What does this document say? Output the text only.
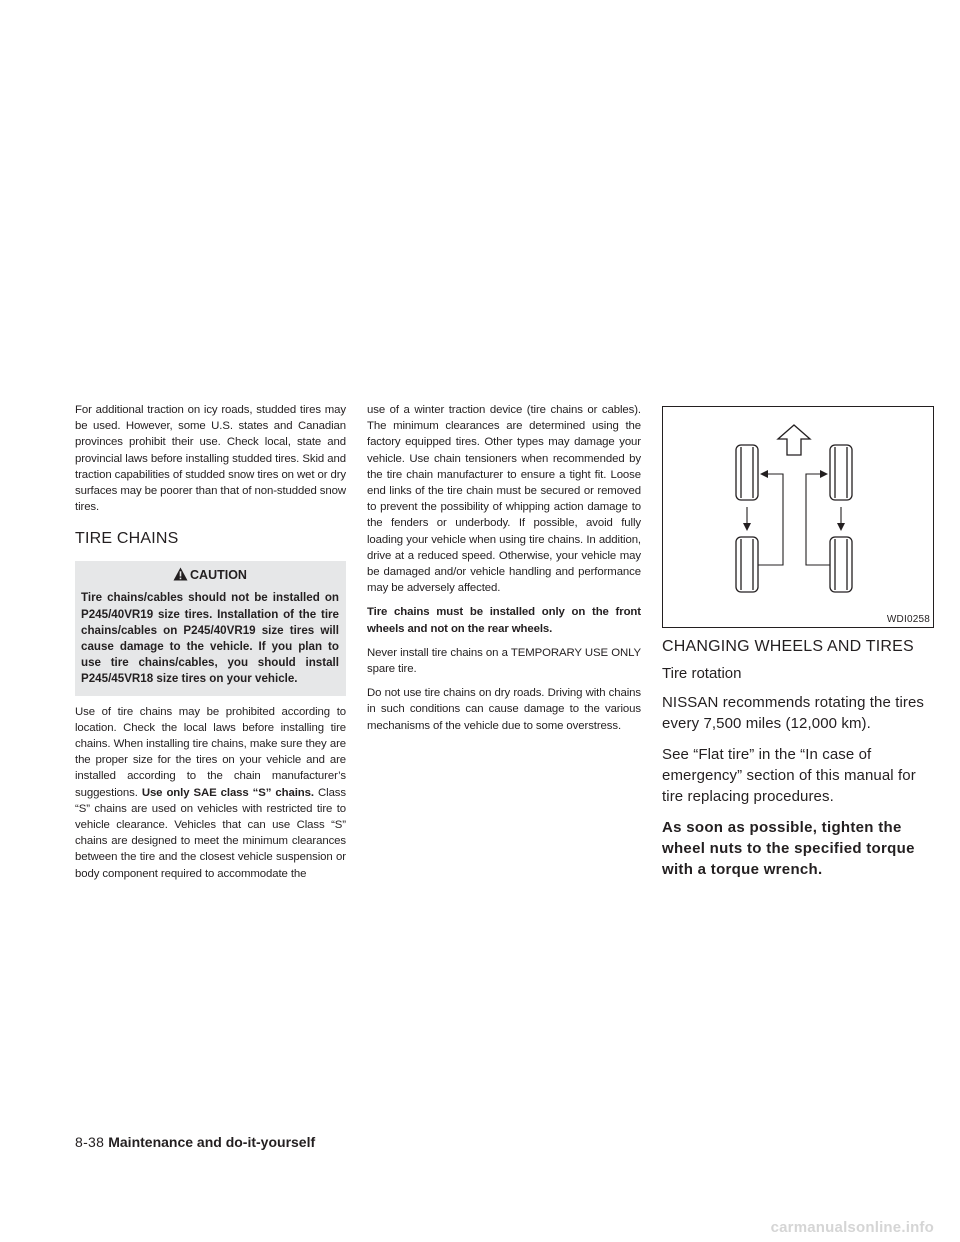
For additional traction on icy roads, studded tires may be used. However, some U.S. states and Canadian provinces prohibit their use. Check local, state and provincial laws before installing studded tires. Skid and traction capabilities of studded snow tires on wet or dry surfaces may be poorer than that of non-studded snow tires.

TIRE CHAINS
CAUTION

Tire chains/cables should not be installed on P245/40VR19 size tires. Installation of the tire chains/cables on P245/40VR19 size tires will cause damage to the vehicle. If you plan to use tire chains/cables, you should install P245/45VR18 size tires on your vehicle.

Use of tire chains may be prohibited according to location. Check the local laws before installing tire chains. When installing tire chains, make sure they are the proper size for the tires on your vehicle and are installed according to the chain manufacturer’s suggestions. Use only SAE class “S” chains. Class “S” chains are used on vehicles with restricted tire to vehicle clearance. Vehicles that can use Class “S” chains are designed to meet the minimum clearances between the tire and the closest vehicle suspension or body component required to accommodate the

use of a winter traction device (tire chains or cables). The minimum clearances are determined using the factory equipped tires. Other types may damage your vehicle. Use chain tensioners when recommended by the tire chain manufacturer to ensure a tight fit. Loose end links of the tire chain must be secured or removed to prevent the possibility of whipping action damage to the fenders or underbody. If possible, avoid fully loading your vehicle when using tire chains. In addition, drive at a reduced speed. Otherwise, your vehicle may be damaged and/or vehicle handling and performance may be adversely affected.

Tire chains must be installed only on the front wheels and not on the rear wheels.

Never install tire chains on a TEMPORARY USE ONLY spare tire.

Do not use tire chains on dry roads. Driving with chains in such conditions can cause damage to the various mechanisms of the vehicle due to some overstress.

WDI0258
CHANGING WHEELS AND TIRES
Tire rotation

NISSAN recommends rotating the tires every 7,500 miles (12,000 km).

See “Flat tire” in the “In case of emergency” section of this manual for tire replacing procedures.

As soon as possible, tighten the wheel nuts to the specified torque with a torque wrench.

8-38 Maintenance and do-it-yourself
carmanualsonline.info
